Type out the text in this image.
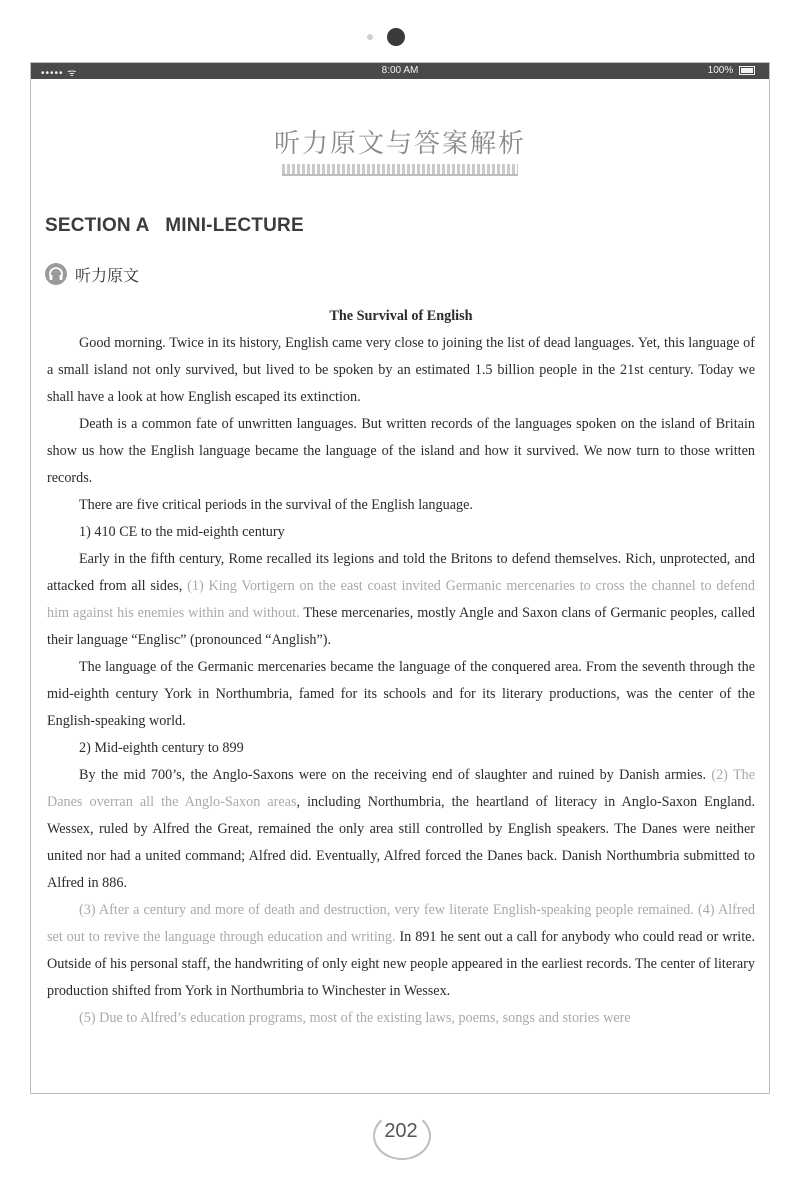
••••• ᯤ	8:00 AM	100%
听力原文与答案解析
SECTION A   MINI-LECTURE
听力原文

The Survival of English

Good morning. Twice in its history, English came very close to joining the list of dead languages. Yet, this language of a small island not only survived, but lived to be spoken by an estimated 1.5 billion people in the 21st century. Today we shall have a look at how English escaped its extinction.

Death is a common fate of unwritten languages. But written records of the languages spoken on the island of Britain show us how the English language became the language of the island and how it survived. We now turn to those written records.

There are five critical periods in the survival of the English language.

1) 410 CE to the mid-eighth century

Early in the fifth century, Rome recalled its legions and told the Britons to defend themselves. Rich, unprotected, and attacked from all sides, (1) King Vortigern on the east coast invited Germanic mercenaries to cross the channel to defend him against his enemies within and without. These mercenaries, mostly Angle and Saxon clans of Germanic peoples, called their language “Englisc” (pronounced “Anglish”).

The language of the Germanic mercenaries became the language of the conquered area. From the seventh through the mid-eighth century York in Northumbria, famed for its schools and for its literary productions, was the center of the English-speaking world.

2) Mid-eighth century to 899

By the mid 700’s, the Anglo-Saxons were on the receiving end of slaughter and ruined by Danish armies. (2) The Danes overran all the Anglo-Saxon areas, including Northumbria, the heartland of literacy in Anglo-Saxon England. Wessex, ruled by Alfred the Great, remained the only area still controlled by English speakers. The Danes were neither united nor had a united command; Alfred did. Eventually, Alfred forced the Danes back. Danish Northumbria submitted to Alfred in 886.

(3) After a century and more of death and destruction, very few literate English-speaking people remained. (4) Alfred set out to revive the language through education and writing. In 891 he sent out a call for anybody who could read or write. Outside of his personal staff, the handwriting of only eight new people appeared in the earliest records. The center of literary production shifted from York in Northumbria to Winchester in Wessex.

(5) Due to Alfred’s education programs, most of the existing laws, poems, songs and stories were

202
